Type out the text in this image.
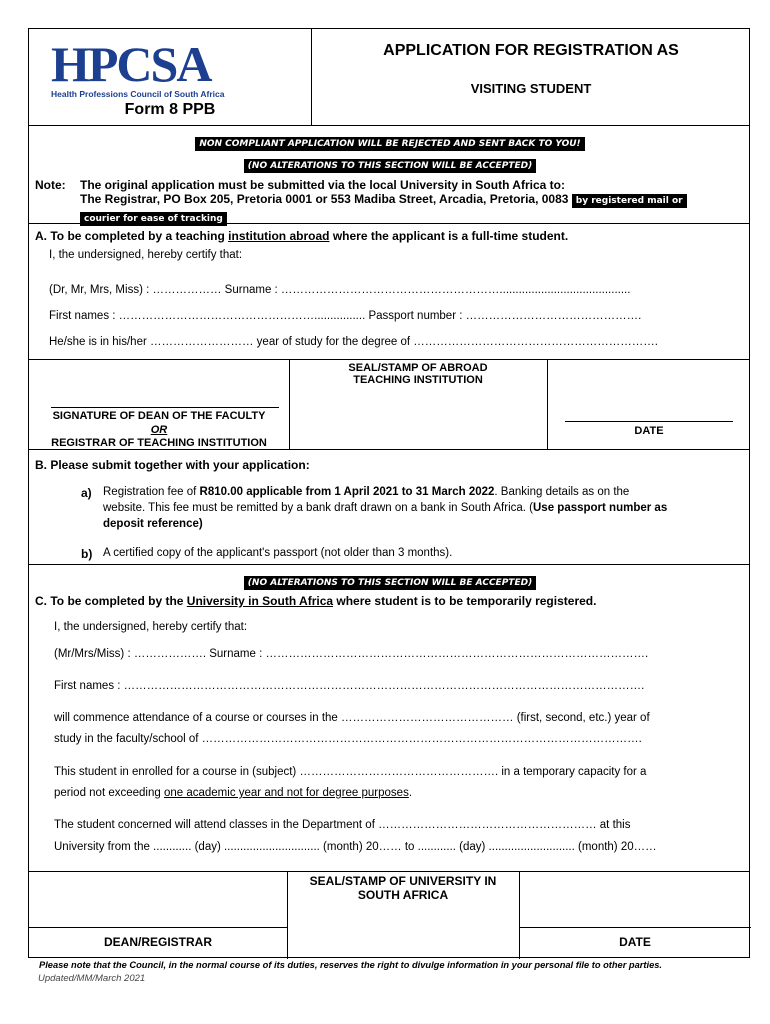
HPCSA
Health Professions Council of South Africa
Form 8 PPB
APPLICATION FOR REGISTRATION AS
VISITING STUDENT
NON COMPLIANT APPLICATION WILL BE REJECTED AND SENT BACK TO YOU!
(NO ALTERATIONS TO THIS SECTION WILL BE ACCEPTED)
Note: The original application must be submitted via the local University in South Africa to:
The Registrar, PO Box 205, Pretoria 0001 or 553 Madiba Street, Arcadia, Pretoria, 0083 by registered mail or
courier for ease of tracking
A. To be completed by a teaching institution abroad where the applicant is a full-time student.
I, the undersigned, hereby certify that:
(Dr, Mr, Mrs, Miss) : ……………… Surname : ………………………………………………….........................................
First names : ……………………………………………................ Passport number : ……………………………………….
He/she is in his/her ……………………… year of study for the degree of ……………………………………………………….
SEAL/STAMP OF ABROAD TEACHING INSTITUTION
SIGNATURE OF DEAN OF THE FACULTY
OR
REGISTRAR OF TEACHING INSTITUTION
DATE
B. Please submit together with your application:
a) Registration fee of R810.00 applicable from 1 April 2021 to 31 March 2022. Banking details as on the
website. This fee must be remitted by a bank draft drawn on a bank in South Africa. (Use passport number as
deposit reference)
b) A certified copy of the applicant's passport (not older than 3 months).
(NO ALTERATIONS TO THIS SECTION WILL BE ACCEPTED)
C. To be completed by the University in South Africa where student is to be temporarily registered.
I, the undersigned, hereby certify that:
(Mr/Mrs/Miss) : ………………. Surname : ……………………………………………………………………………………….
First names : ……………………………………………………………………………………………………………………….
will commence attendance of a course or courses in the ……………………………………… (first, second, etc.) year of
study in the faculty/school of …………………………………………………………………………………………………….
This student in enrolled for a course in (subject) ……………………………………………. in a temporary capacity for a
period not exceeding one academic year and not for degree purposes.
The student concerned will attend classes in the Department of ………………………………………………… at this
University from the ............ (day) .............................. (month) 20…… to ............ (day) ........................... (month) 20……
SEAL/STAMP OF UNIVERSITY IN SOUTH AFRICA
DEAN/REGISTRAR	DATE
Please note that the Council, in the normal course of its duties, reserves the right to divulge information in your personal file to other parties.
Updated/MM/March 2021
